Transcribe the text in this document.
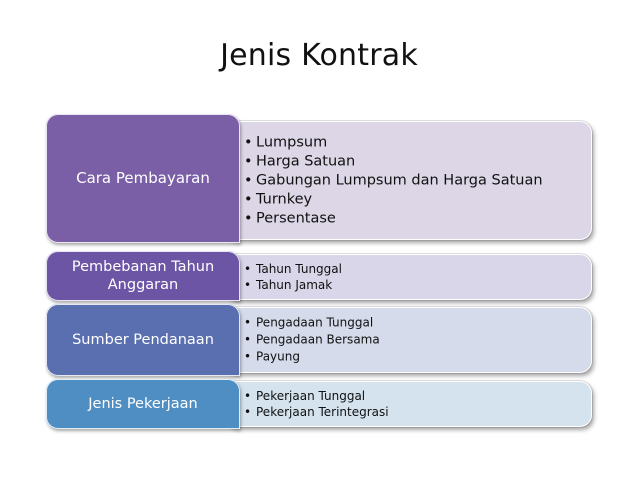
Jenis Kontrak
• Lumpsum
• Harga Satuan
• Gabungan Lumpsum dan Harga Satuan
• Turnkey
• Persentase
Cara Pembayaran
• Tahun Tunggal
• Tahun Jamak
Pembebanan Tahun Anggaran
• Pengadaan Tunggal
• Pengadaan Bersama
• Payung
Sumber Pendanaan
• Pekerjaan Tunggal
• Pekerjaan Terintegrasi
Jenis Pekerjaan
